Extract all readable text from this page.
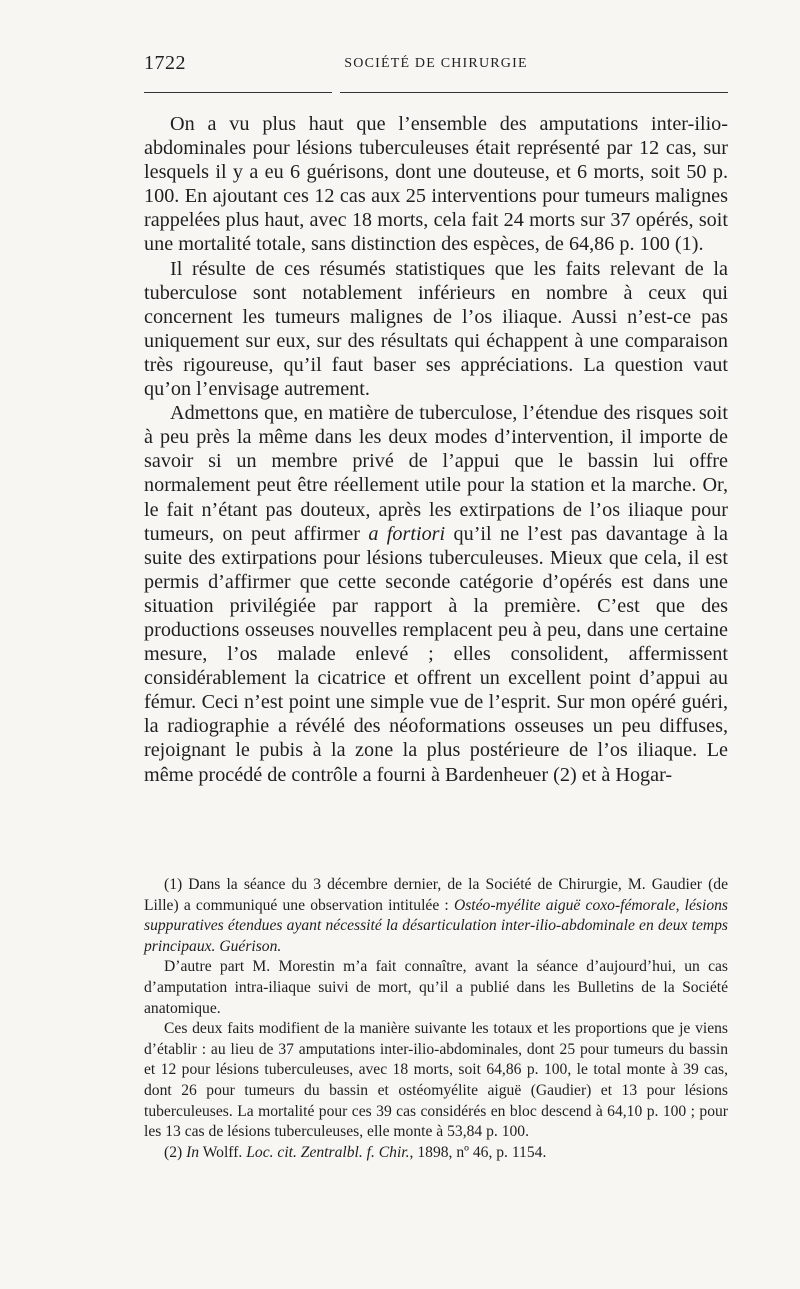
1722	SOCIÉTÉ DE CHIRURGIE

On a vu plus haut que l’ensemble des amputations inter-ilio-abdominales pour lésions tuberculeuses était représenté par 12 cas, sur lesquels il y a eu 6 guérisons, dont une douteuse, et 6 morts, soit 50 p. 100. En ajoutant ces 12 cas aux 25 interventions pour tumeurs malignes rappelées plus haut, avec 18 morts, cela fait 24 morts sur 37 opérés, soit une mortalité totale, sans distinction des espèces, de 64,86 p. 100 (1).

Il résulte de ces résumés statistiques que les faits relevant de la tuberculose sont notablement inférieurs en nombre à ceux qui concernent les tumeurs malignes de l’os iliaque. Aussi n’est-ce pas uniquement sur eux, sur des résultats qui échappent à une comparaison très rigoureuse, qu’il faut baser ses appréciations. La question vaut qu’on l’envisage autrement.

Admettons que, en matière de tuberculose, l’étendue des risques soit à peu près la même dans les deux modes d’intervention, il importe de savoir si un membre privé de l’appui que le bassin lui offre normalement peut être réellement utile pour la station et la marche. Or, le fait n’étant pas douteux, après les extirpations de l’os iliaque pour tumeurs, on peut affirmer a fortiori qu’il ne l’est pas davantage à la suite des extirpations pour lésions tuberculeuses. Mieux que cela, il est permis d’affirmer que cette seconde catégorie d’opérés est dans une situation privilégiée par rapport à la première. C’est que des productions osseuses nouvelles remplacent peu à peu, dans une certaine mesure, l’os malade enlevé ; elles consolident, affermissent considérablement la cicatrice et offrent un excellent point d’appui au fémur. Ceci n’est point une simple vue de l’esprit. Sur mon opéré guéri, la radiographie a révélé des néoformations osseuses un peu diffuses, rejoignant le pubis à la zone la plus postérieure de l’os iliaque. Le même procédé de contrôle a fourni à Bardenheuer (2) et à Hogar-

(1) Dans la séance du 3 décembre dernier, de la Société de Chirurgie, M. Gaudier (de Lille) a communiqué une observation intitulée : Ostéo-myélite aiguë coxo-fémorale, lésions suppuratives étendues ayant nécessité la désarticulation inter-ilio-abdominale en deux temps principaux. Guérison.

D’autre part M. Morestin m’a fait connaître, avant la séance d’aujourd’hui, un cas d’amputation intra-iliaque suivi de mort, qu’il a publié dans les Bulletins de la Société anatomique.

Ces deux faits modifient de la manière suivante les totaux et les proportions que je viens d’établir : au lieu de 37 amputations inter-ilio-abdominales, dont 25 pour tumeurs du bassin et 12 pour lésions tuberculeuses, avec 18 morts, soit 64,86 p. 100, le total monte à 39 cas, dont 26 pour tumeurs du bassin et ostéomyélite aiguë (Gaudier) et 13 pour lésions tuberculeuses. La mortalité pour ces 39 cas considérés en bloc descend à 64,10 p. 100 ; pour les 13 cas de lésions tuberculeuses, elle monte à 53,84 p. 100.

(2) In Wolff. Loc. cit. Zentralbl. f. Chir., 1898, nº 46, p. 1154.
